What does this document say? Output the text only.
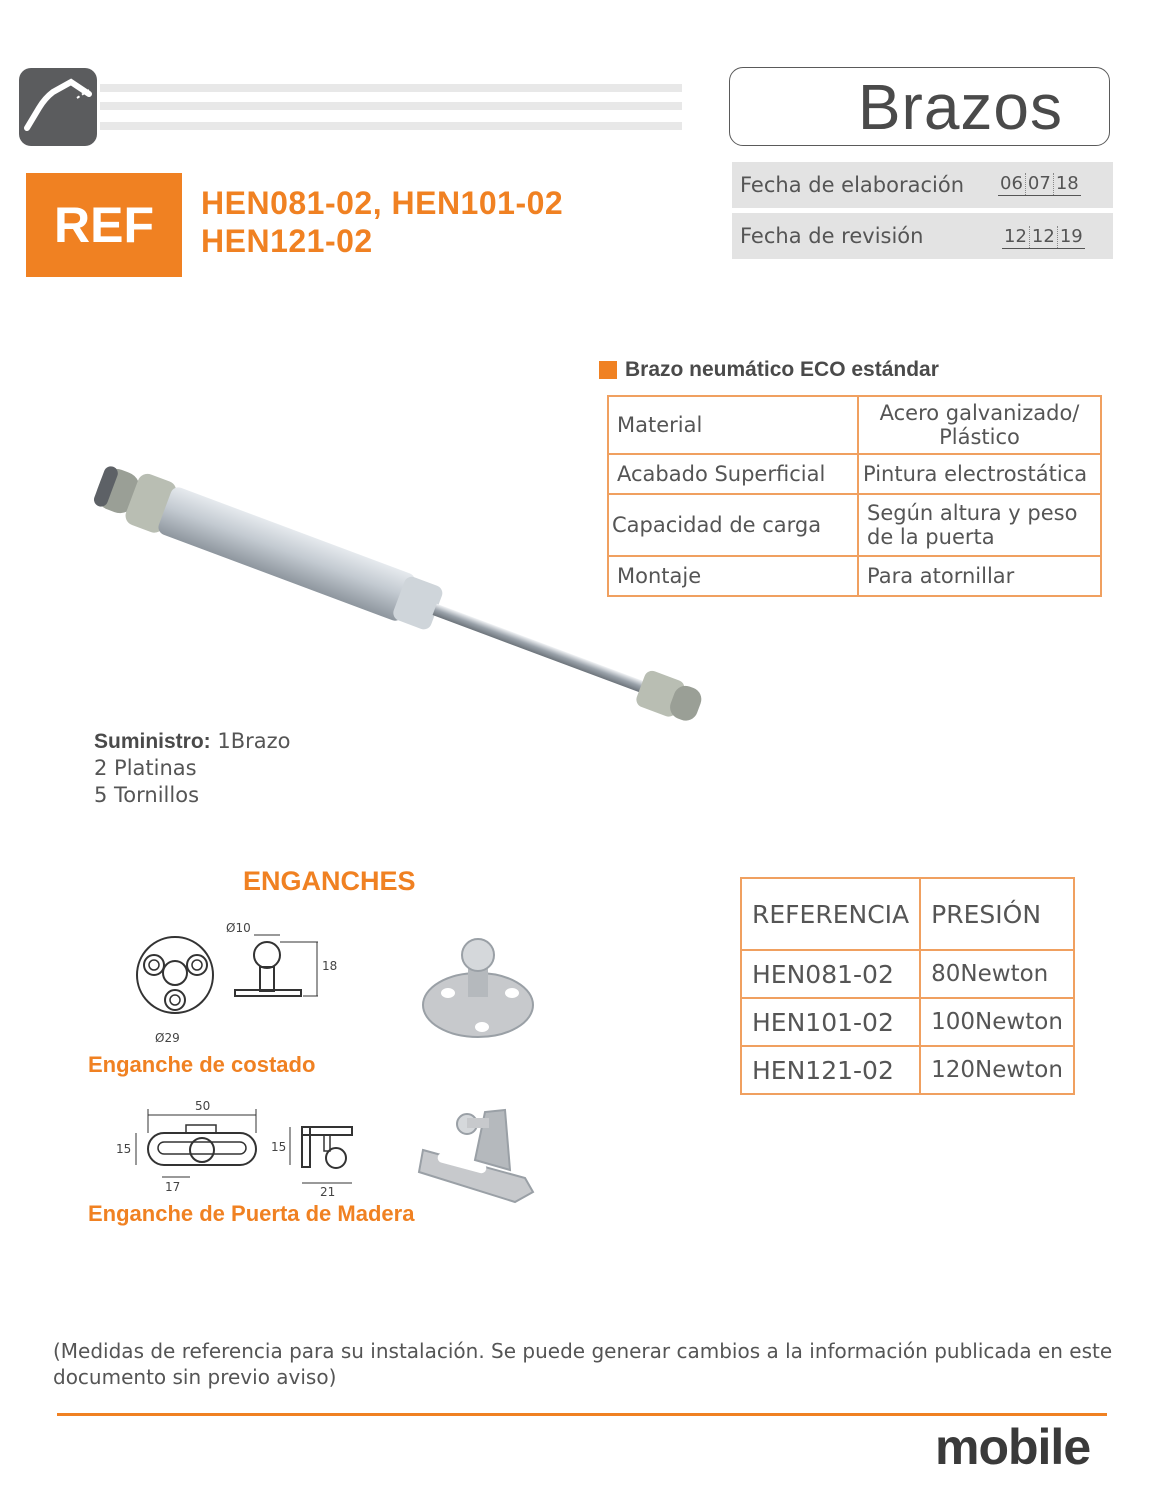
Brazos
Fecha de elaboración 06 07 18
Fecha de revisión	12 12 19
REF	HEN081-02, HEN101-02
HEN121-02
Brazo neumático ECO estándar
Material	Acero galvanizado/ Plástico
Acabado Superficial	Pintura electrostática
Capacidad de carga	Según altura y peso de la puerta
Montaje	Para atornillar
Suministro: 1Brazo
2 Platinas
5 Tornillos
ENGANCHES
Ø10
18
Ø29
Enganche de costado
50
15
17
15
21
Enganche de Puerta de Madera
REFERENCIA	PRESIÓN
HEN081-02	80Newton
HEN101-02	100Newton
HEN121-02	120Newton
(Medidas de referencia para su instalación. Se puede generar cambios a la información publicada en este documento sin previo aviso)
mobile
